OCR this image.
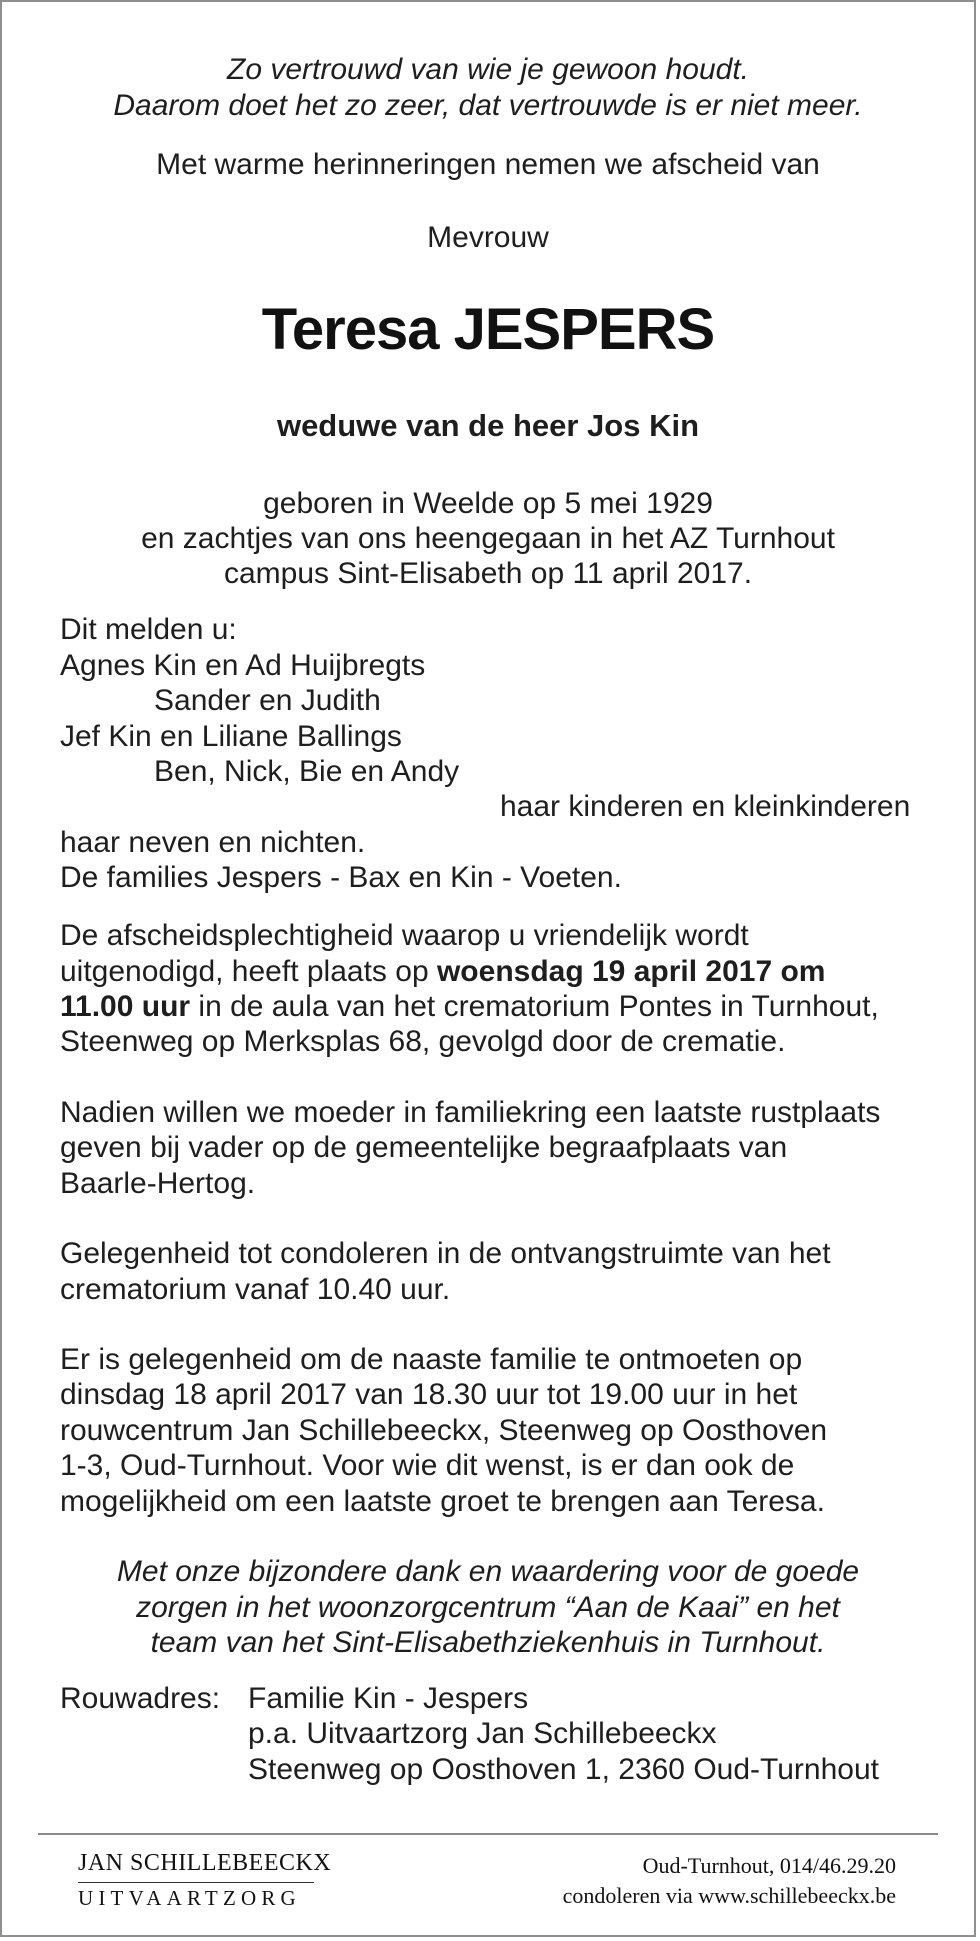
Zo vertrouwd van wie je gewoon houdt.
Daarom doet het zo zeer, dat vertrouwde is er niet meer.
Met warme herinneringen nemen we afscheid van
Mevrouw
Teresa JESPERS
weduwe van de heer Jos Kin
geboren in Weelde op 5 mei 1929
en zachtjes van ons heengegaan in het AZ Turnhout
campus Sint-Elisabeth op 11 april 2017.
Dit melden u:
Agnes Kin en Ad Huijbregts
Sander en Judith
Jef Kin en Liliane Ballings
Ben, Nick, Bie en Andy
haar kinderen en kleinkinderen
haar neven en nichten.
De families Jespers - Bax en Kin - Voeten.
De afscheidsplechtigheid waarop u vriendelijk wordt
uitgenodigd, heeft plaats op woensdag 19 april 2017 om
11.00 uur in de aula van het crematorium Pontes in Turnhout,
Steenweg op Merksplas 68, gevolgd door de crematie.
Nadien willen we moeder in familiekring een laatste rustplaats
geven bij vader op de gemeentelijke begraafplaats van
Baarle-Hertog.
Gelegenheid tot condoleren in de ontvangstruimte van het
crematorium vanaf 10.40 uur.
Er is gelegenheid om de naaste familie te ontmoeten op
dinsdag 18 april 2017 van 18.30 uur tot 19.00 uur in het
rouwcentrum Jan Schillebeeckx, Steenweg op Oosthoven
1-3, Oud-Turnhout. Voor wie dit wenst, is er dan ook de
mogelijkheid om een laatste groet te brengen aan Teresa.
Met onze bijzondere dank en waardering voor de goede
zorgen in het woonzorgcentrum “Aan de Kaai” en het
team van het Sint-Elisabethziekenhuis in Turnhout.
Rouwadres: Familie Kin - Jespers
p.a. Uitvaartzorg Jan Schillebeeckx
Steenweg op Oosthoven 1, 2360 Oud-Turnhout
JAN SCHILLEBEECKX
UITVAARTZORG
Oud-Turnhout, 014/46.29.20
condoleren via www.schillebeeckx.be
